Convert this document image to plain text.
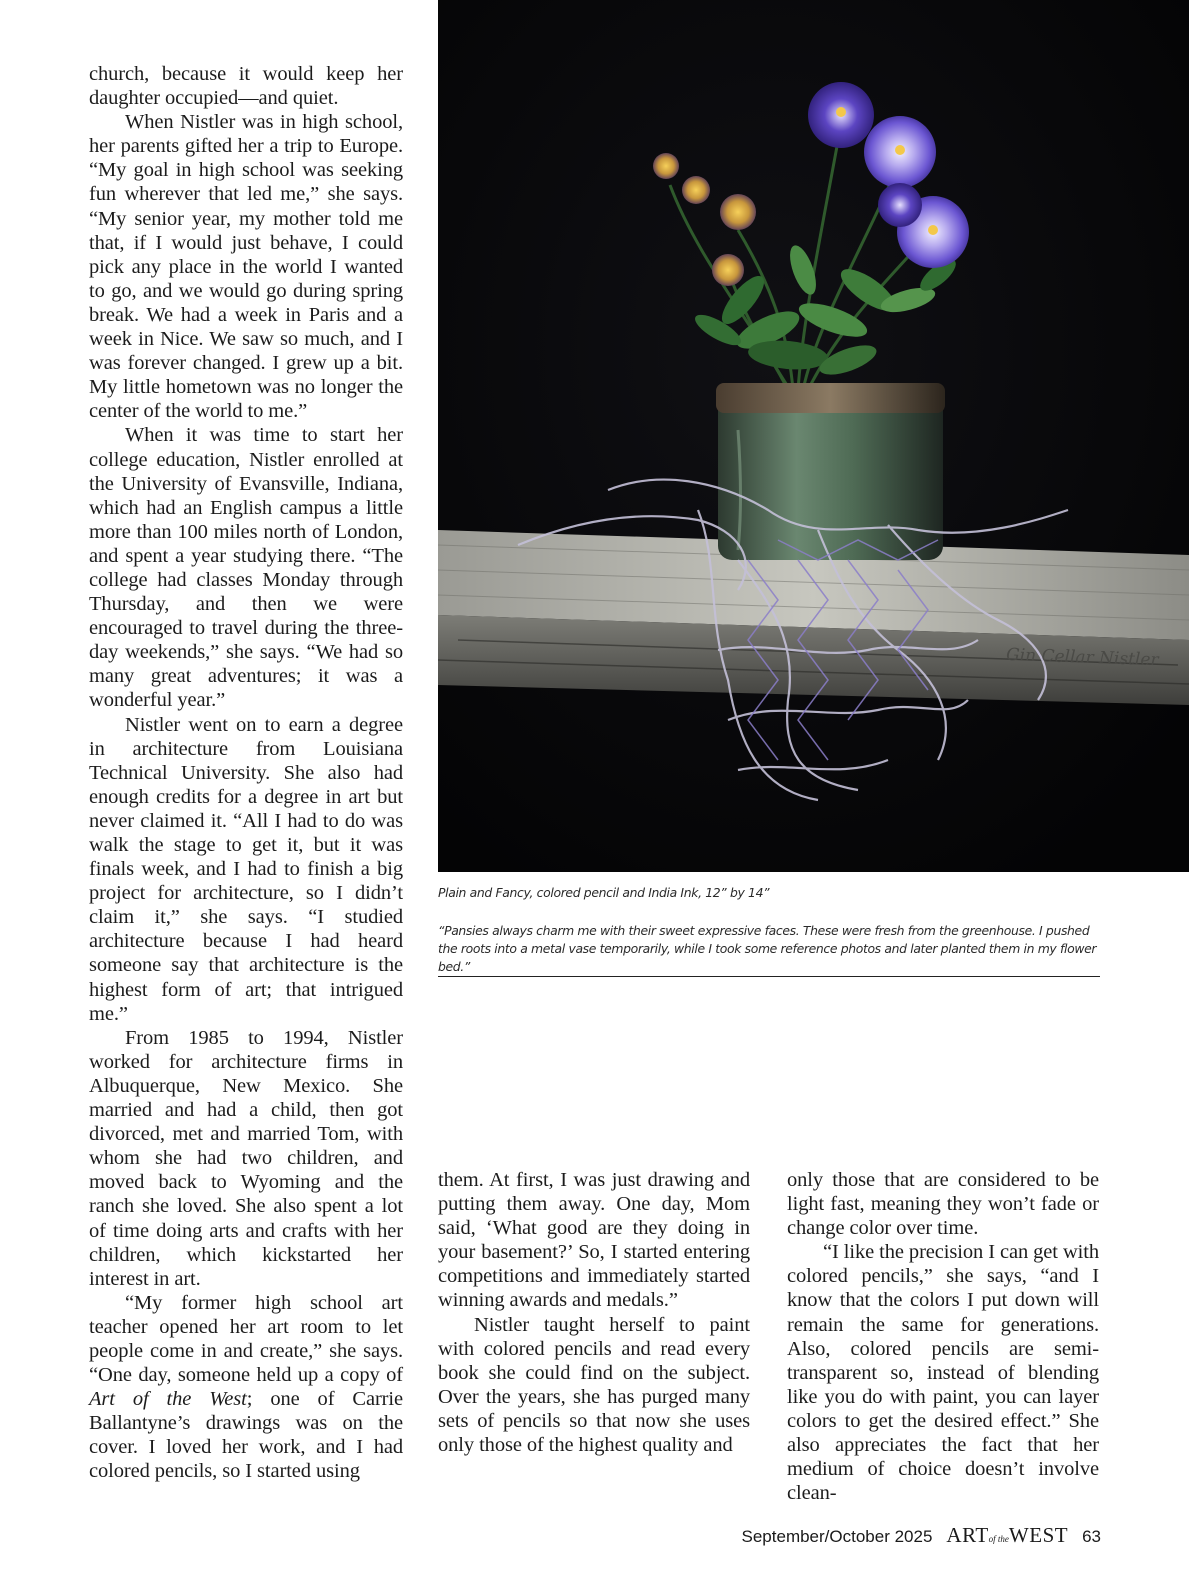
church, because it would keep her daughter occupied—and quiet.

When Nistler was in high school, her parents gifted her a trip to Europe. “My goal in high school was seeking fun wherever that led me,” she says. “My senior year, my mother told me that, if I would just behave, I could pick any place in the world I wanted to go, and we would go during spring break. We had a week in Paris and a week in Nice. We saw so much, and I was forever changed. I grew up a bit. My little hometown was no longer the center of the world to me.”

When it was time to start her college education, Nistler enrolled at the University of Evansville, Indiana, which had an English campus a little more than 100 miles north of London, and spent a year studying there. “The college had classes Monday through Thursday, and then we were encouraged to travel during the three-day weekends,” she says. “We had so many great adventures; it was a wonderful year.”

Nistler went on to earn a degree in architecture from Louisiana Technical University. She also had enough credits for a degree in art but never claimed it. “All I had to do was walk the stage to get it, but it was finals week, and I had to finish a big project for architecture, so I didn’t claim it,” she says. “I studied architecture because I had heard someone say that architecture is the highest form of art; that intrigued me.”

From 1985 to 1994, Nistler worked for architecture firms in Albuquerque, New Mexico. She married and had a child, then got divorced, met and married Tom, with whom she had two children, and moved back to Wyoming and the ranch she loved. She also spent a lot of time doing arts and crafts with her children, which kickstarted her interest in art.

“My former high school art teacher opened her art room to let people come in and create,” she says. “One day, someone held up a copy of Art of the West; one of Carrie Ballantyne’s drawings was on the cover. I loved her work, and I had colored pencils, so I started using

Gin Cellar Nistler
Plain and Fancy, colored pencil and India Ink, 12” by 14”
“Pansies always charm me with their sweet expressive faces. These were fresh from the greenhouse. I pushed the roots into a metal vase temporarily, while I took some reference photos and later planted them in my flower bed.”

them. At first, I was just drawing and putting them away. One day, Mom said, ‘What good are they doing in your basement?’ So, I started entering competitions and immediately started winning awards and medals.”

Nistler taught herself to paint with colored pencils and read every book she could find on the subject. Over the years, she has purged many sets of pencils so that now she uses only those of the highest quality and

only those that are considered to be light fast, meaning they won’t fade or change color over time.

“I like the precision I can get with colored pencils,” she says, “and I know that the colors I put down will remain the same for generations. Also, colored pencils are semi-transparent so, instead of blending like you do with paint, you can layer colors to get the desired effect.” She also appreciates the fact that her medium of choice doesn’t involve clean-

September/October 2025 ARTof theWEST 63
